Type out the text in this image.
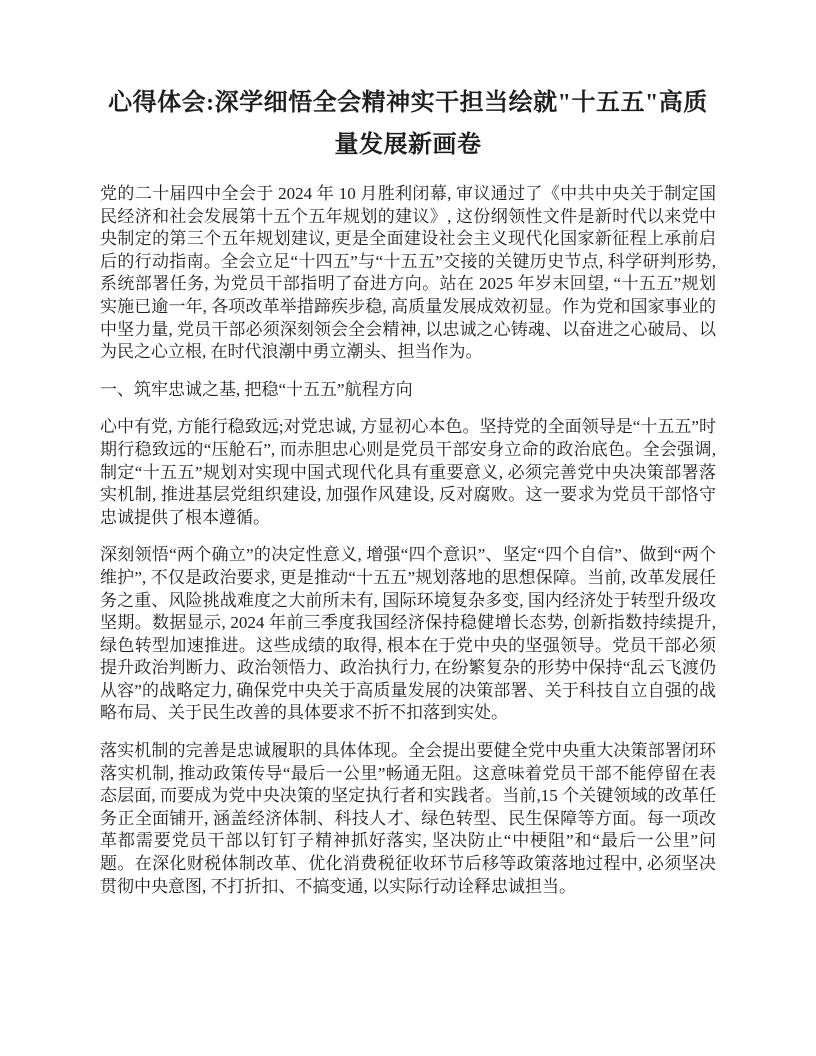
心得体会:深学细悟全会精神实干担当绘就"十五五"高质量发展新画卷

党的二十届四中全会于 2024 年 10 月胜利闭幕, 审议通过了《中共中央关于制定国民经济和社会发展第十五个五年规划的建议》, 这份纲领性文件是新时代以来党中央制定的第三个五年规划建议, 更是全面建设社会主义现代化国家新征程上承前启后的行动指南。全会立足“十四五”与“十五五”交接的关键历史节点, 科学研判形势, 系统部署任务, 为党员干部指明了奋进方向。站在 2025 年岁末回望, “十五五”规划实施已逾一年, 各项改革举措蹄疾步稳, 高质量发展成效初显。作为党和国家事业的中坚力量, 党员干部必须深刻领会全会精神, 以忠诚之心铸魂、以奋进之心破局、以为民之心立根, 在时代浪潮中勇立潮头、担当作为。

一、筑牢忠诚之基, 把稳“十五五”航程方向

心中有党, 方能行稳致远;对党忠诚, 方显初心本色。坚持党的全面领导是“十五五”时期行稳致远的“压舱石”, 而赤胆忠心则是党员干部安身立命的政治底色。全会强调, 制定“十五五”规划对实现中国式现代化具有重要意义, 必须完善党中央决策部署落实机制, 推进基层党组织建设, 加强作风建设, 反对腐败。这一要求为党员干部恪守忠诚提供了根本遵循。

深刻领悟“两个确立”的决定性意义, 增强“四个意识”、坚定“四个自信”、做到“两个维护”, 不仅是政治要求, 更是推动“十五五”规划落地的思想保障。当前, 改革发展任务之重、风险挑战难度之大前所未有, 国际环境复杂多变, 国内经济处于转型升级攻坚期。数据显示, 2024 年前三季度我国经济保持稳健增长态势, 创新指数持续提升, 绿色转型加速推进。这些成绩的取得, 根本在于党中央的坚强领导。党员干部必须提升政治判断力、政治领悟力、政治执行力, 在纷繁复杂的形势中保持“乱云飞渡仍从容”的战略定力, 确保党中央关于高质量发展的决策部署、关于科技自立自强的战略布局、关于民生改善的具体要求不折不扣落到实处。

落实机制的完善是忠诚履职的具体体现。全会提出要健全党中央重大决策部署闭环落实机制, 推动政策传导“最后一公里”畅通无阻。这意味着党员干部不能停留在表态层面, 而要成为党中央决策的坚定执行者和实践者。当前,15 个关键领域的改革任务正全面铺开, 涵盖经济体制、科技人才、绿色转型、民生保障等方面。每一项改革都需要党员干部以钉钉子精神抓好落实, 坚决防止“中梗阻”和“最后一公里”问题。在深化财税体制改革、优化消费税征收环节后移等政策落地过程中, 必须坚决贯彻中央意图, 不打折扣、不搞变通, 以实际行动诠释忠诚担当。
